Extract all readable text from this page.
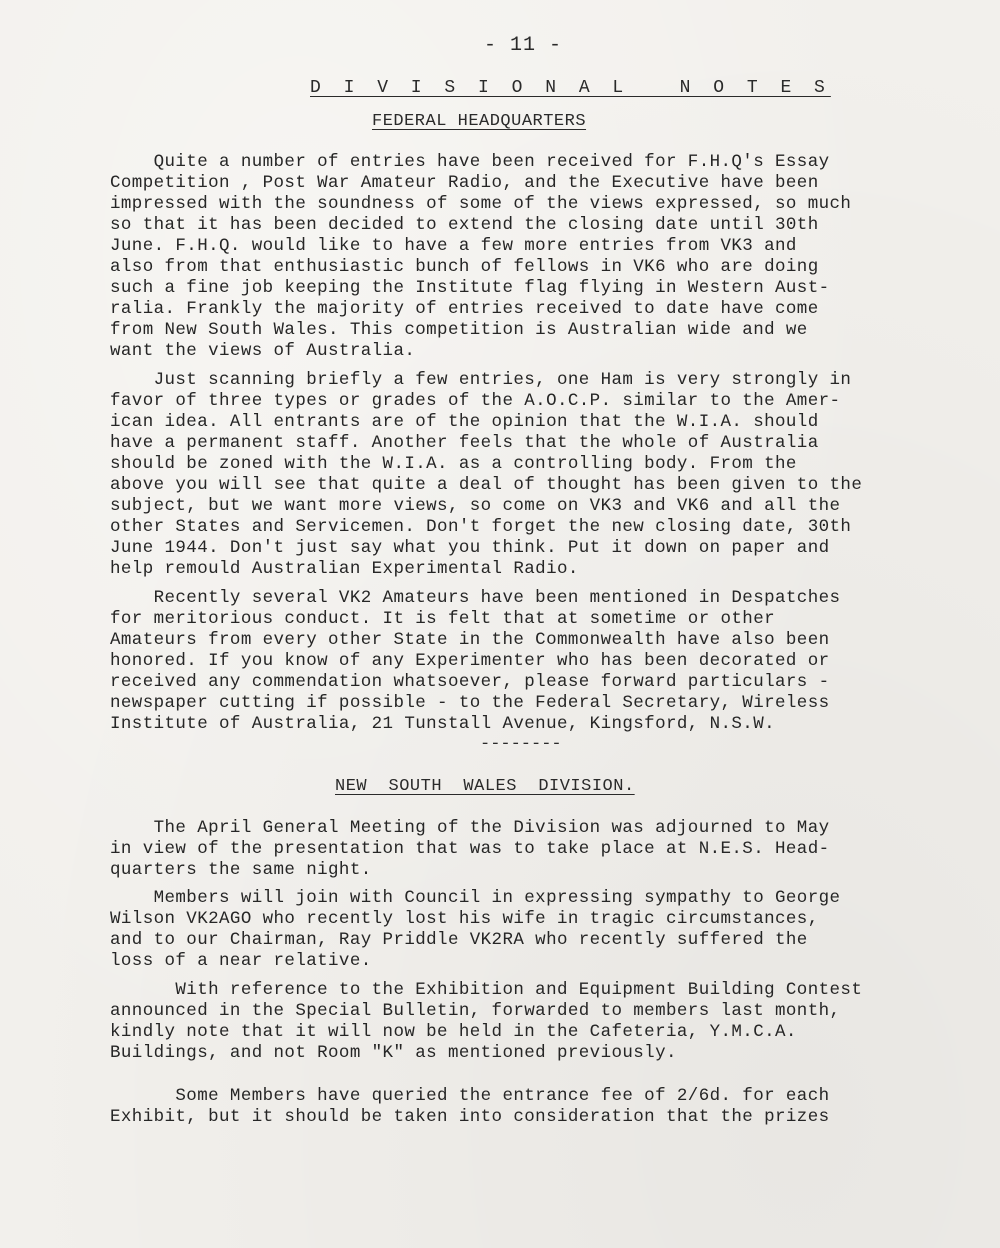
- 11 -
D I V I S I O N A L   N O T E S
FEDERAL HEADQUARTERS
Quite a number of entries have been received for F.H.Q's Essay
Competition , Post War Amateur Radio, and the Executive have been
impressed with the soundness of some of the views expressed, so much
so that it has been decided to extend the closing date until 30th
June. F.H.Q. would like to have a few more entries from VK3 and
also from that enthusiastic bunch of fellows in VK6 who are doing
such a fine job keeping the Institute flag flying in Western Aust-
ralia. Frankly the majority of entries received to date have come
from New South Wales. This competition is Australian wide and we
want the views of Australia.
Just scanning briefly a few entries, one Ham is very strongly in
favor of three types or grades of the A.O.C.P. similar to the Amer-
ican idea. All entrants are of the opinion that the W.I.A. should
have a permanent staff. Another feels that the whole of Australia
should be zoned with the W.I.A. as a controlling body. From the
above you will see that quite a deal of thought has been given to the
subject, but we want more views, so come on VK3 and VK6 and all the
other States and Servicemen. Don't forget the new closing date, 30th
June 1944. Don't just say what you think. Put it down on paper and
help remould Australian Experimental Radio.
Recently several VK2 Amateurs have been mentioned in Despatches
for meritorious conduct. It is felt that at sometime or other
Amateurs from every other State in the Commonwealth have also been
honored. If you know of any Experimenter who has been decorated or
received any commendation whatsoever, please forward particulars -
newspaper cutting if possible - to the Federal Secretary, Wireless
Institute of Australia, 21 Tunstall Avenue, Kingsford, N.S.W.
--------
NEW  SOUTH  WALES  DIVISION.
The April General Meeting of the Division was adjourned to May
in view of the presentation that was to take place at N.E.S. Head-
quarters the same night.
Members will join with Council in expressing sympathy to George
Wilson VK2AGO who recently lost his wife in tragic circumstances,
and to our Chairman, Ray Priddle VK2RA who recently suffered the
loss of a near relative.
With reference to the Exhibition and Equipment Building Contest
announced in the Special Bulletin, forwarded to members last month,
kindly note that it will now be held in the Cafeteria, Y.M.C.A.
Buildings, and not Room "K" as mentioned previously.
Some Members have queried the entrance fee of 2/6d. for each
Exhibit, but it should be taken into consideration that the prizes
